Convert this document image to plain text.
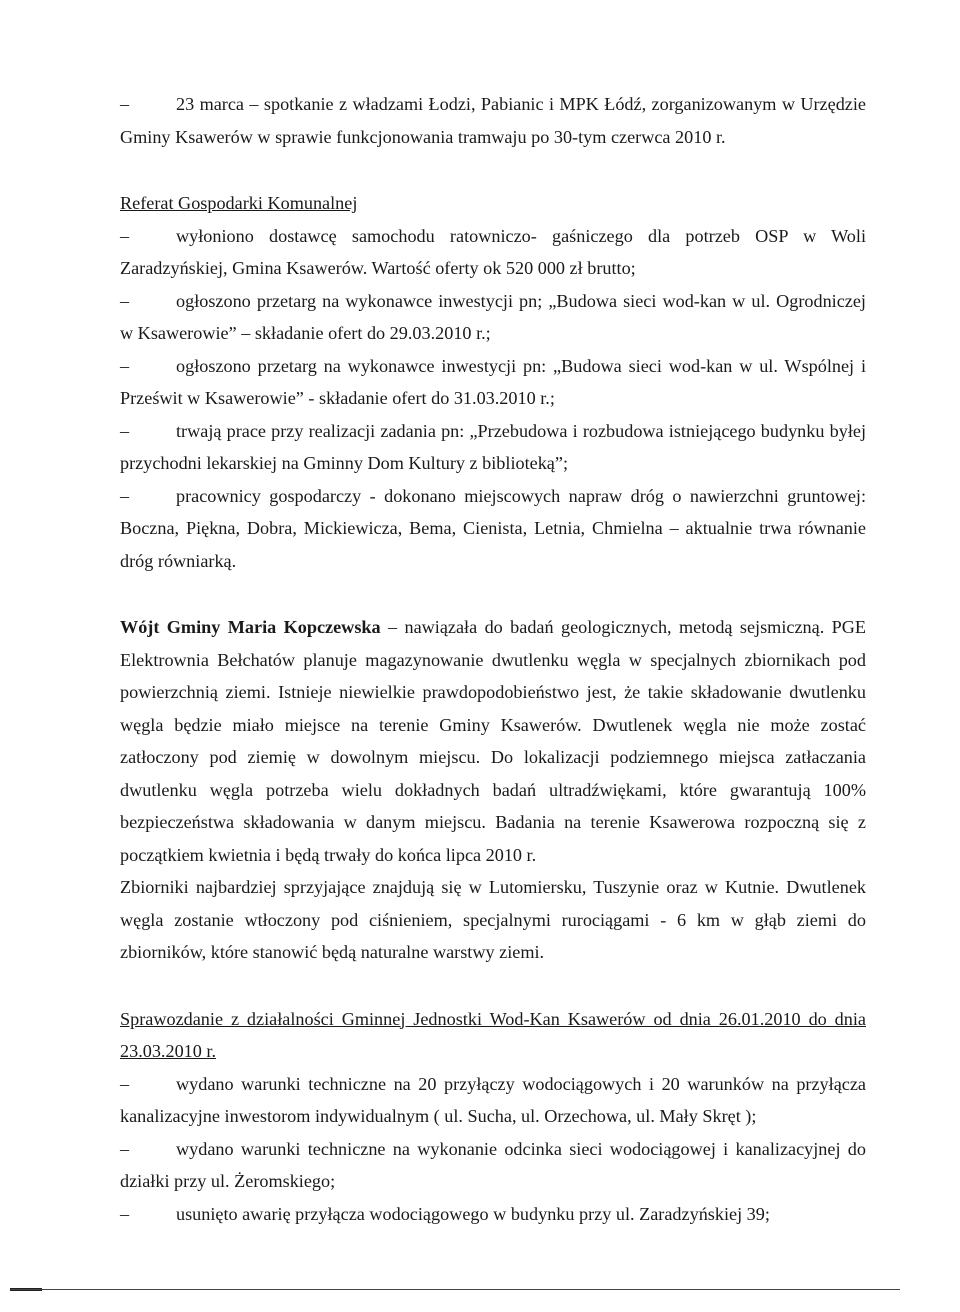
–	23 marca – spotkanie z władzami Łodzi, Pabianic i MPK Łódź, zorganizowanym w Urzędzie Gminy Ksawerów w sprawie funkcjonowania tramwaju po 30-tym czerwca 2010 r.

Referat Gospodarki Komunalnej

–	wyłoniono dostawcę samochodu ratowniczo- gaśniczego dla potrzeb OSP w Woli Zaradzyńskiej, Gmina Ksawerów. Wartość oferty ok 520 000 zł brutto;

–	ogłoszono przetarg na wykonawce inwestycji pn; „Budowa sieci wod-kan w ul. Ogrodniczej w Ksawerowie” – składanie ofert do 29.03.2010 r.;

–	ogłoszono przetarg na wykonawce inwestycji pn: „Budowa sieci wod-kan w ul. Wspólnej i Prześwit w Ksawerowie” - składanie ofert do 31.03.2010 r.;

–	trwają prace przy realizacji zadania pn: „Przebudowa i rozbudowa istniejącego budynku byłej przychodni lekarskiej na Gminny Dom Kultury z biblioteką”;

–	pracownicy gospodarczy - dokonano miejscowych napraw dróg o nawierzchni gruntowej: Boczna, Piękna, Dobra, Mickiewicza, Bema, Cienista, Letnia, Chmielna – aktualnie trwa równanie dróg równiarką.

Wójt Gminy Maria Kopczewska – nawiązała do badań geologicznych, metodą sejsmiczną. PGE Elektrownia Bełchatów planuje magazynowanie dwutlenku węgla w specjalnych zbiornikach pod powierzchnią ziemi. Istnieje niewielkie prawdopodobieństwo jest, że takie składowanie dwutlenku węgla będzie miało miejsce na terenie Gminy Ksawerów. Dwutlenek węgla nie może zostać zatłoczony pod ziemię w dowolnym miejscu. Do lokalizacji podziemnego miejsca zatłaczania dwutlenku węgla potrzeba wielu dokładnych badań ultradźwiękami, które gwarantują 100% bezpieczeństwa składowania w danym miejscu. Badania na terenie Ksawerowa rozpoczną się z początkiem kwietnia i będą trwały do końca lipca 2010 r.

Zbiorniki najbardziej sprzyjające znajdują się w Lutomiersku, Tuszynie oraz w Kutnie. Dwutlenek węgla zostanie wtłoczony pod ciśnieniem, specjalnymi rurociągami - 6 km w głąb ziemi do zbiorników, które stanowić będą naturalne warstwy ziemi.

Sprawozdanie z działalności Gminnej Jednostki Wod-Kan Ksawerów od dnia 26.01.2010 do dnia 23.03.2010 r.

–	wydano warunki techniczne na 20 przyłączy wodociągowych i 20 warunków na przyłącza kanalizacyjne inwestorom indywidualnym ( ul. Sucha, ul. Orzechowa, ul. Mały Skręt );

–	wydano warunki techniczne na wykonanie odcinka sieci wodociągowej i kanalizacyjnej do działki przy ul. Żeromskiego;

–	usunięto awarię przyłącza wodociągowego w budynku przy ul. Zaradzyńskiej 39;
